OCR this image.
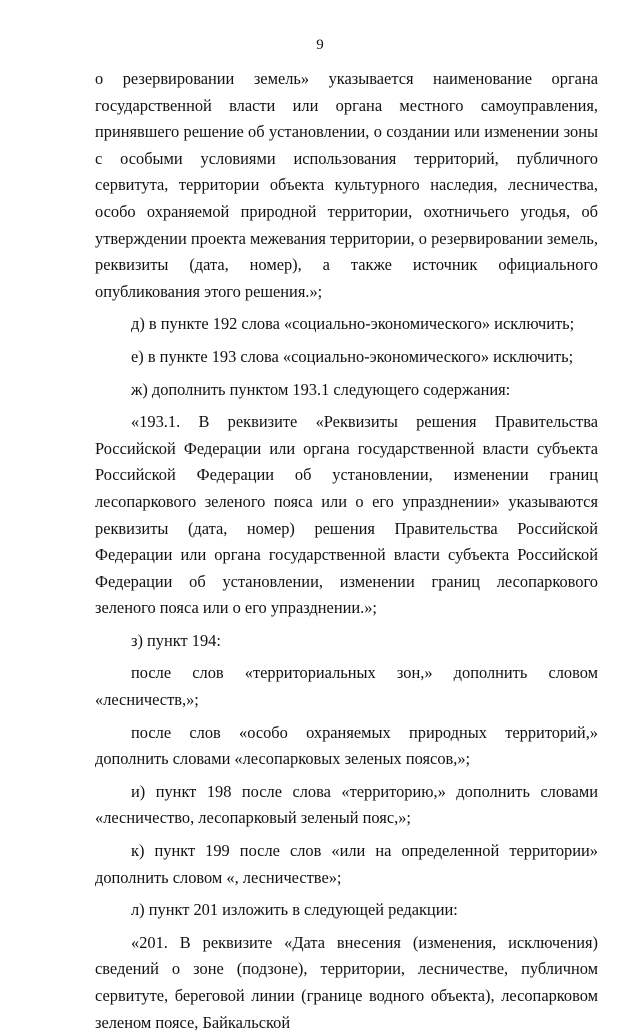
9

о резервировании земель» указывается наименование органа государственной власти или органа местного самоуправления, принявшего решение об установлении, о создании или изменении зоны с особыми условиями использования территорий, публичного сервитута, территории объекта культурного наследия, лесничества, особо охраняемой природной территории, охотничьего угодья, об утверждении проекта межевания территории, о резервировании земель, реквизиты (дата, номер), а также источник официального опубликования этого решения.»;

д) в пункте 192 слова «социально-экономического» исключить;

е) в пункте 193 слова «социально-экономического» исключить;

ж) дополнить пунктом 193.1 следующего содержания:

«193.1. В реквизите «Реквизиты решения Правительства Российской Федерации или органа государственной власти субъекта Российской Федерации об установлении, изменении границ лесопаркового зеленого пояса или о его упразднении» указываются реквизиты (дата, номер) решения Правительства Российской Федерации или органа государственной власти субъекта Российской Федерации об установлении, изменении границ лесопаркового зеленого пояса или о его упразднении.»;

з) пункт 194:

после слов «территориальных зон,» дополнить словом «лесничеств,»;

после слов «особо охраняемых природных территорий,» дополнить словами «лесопарковых зеленых поясов,»;

и) пункт 198 после слова «территорию,» дополнить словами «лесничество, лесопарковый зеленый пояс,»;

к) пункт 199 после слов «или на определенной территории» дополнить словом «, лесничестве»;

л) пункт 201 изложить в следующей редакции:

«201. В реквизите «Дата внесения (изменения, исключения) сведений о зоне (подзоне), территории, лесничестве, публичном сервитуте, береговой линии (границе водного объекта), лесопарковом зеленом поясе, Байкальской
